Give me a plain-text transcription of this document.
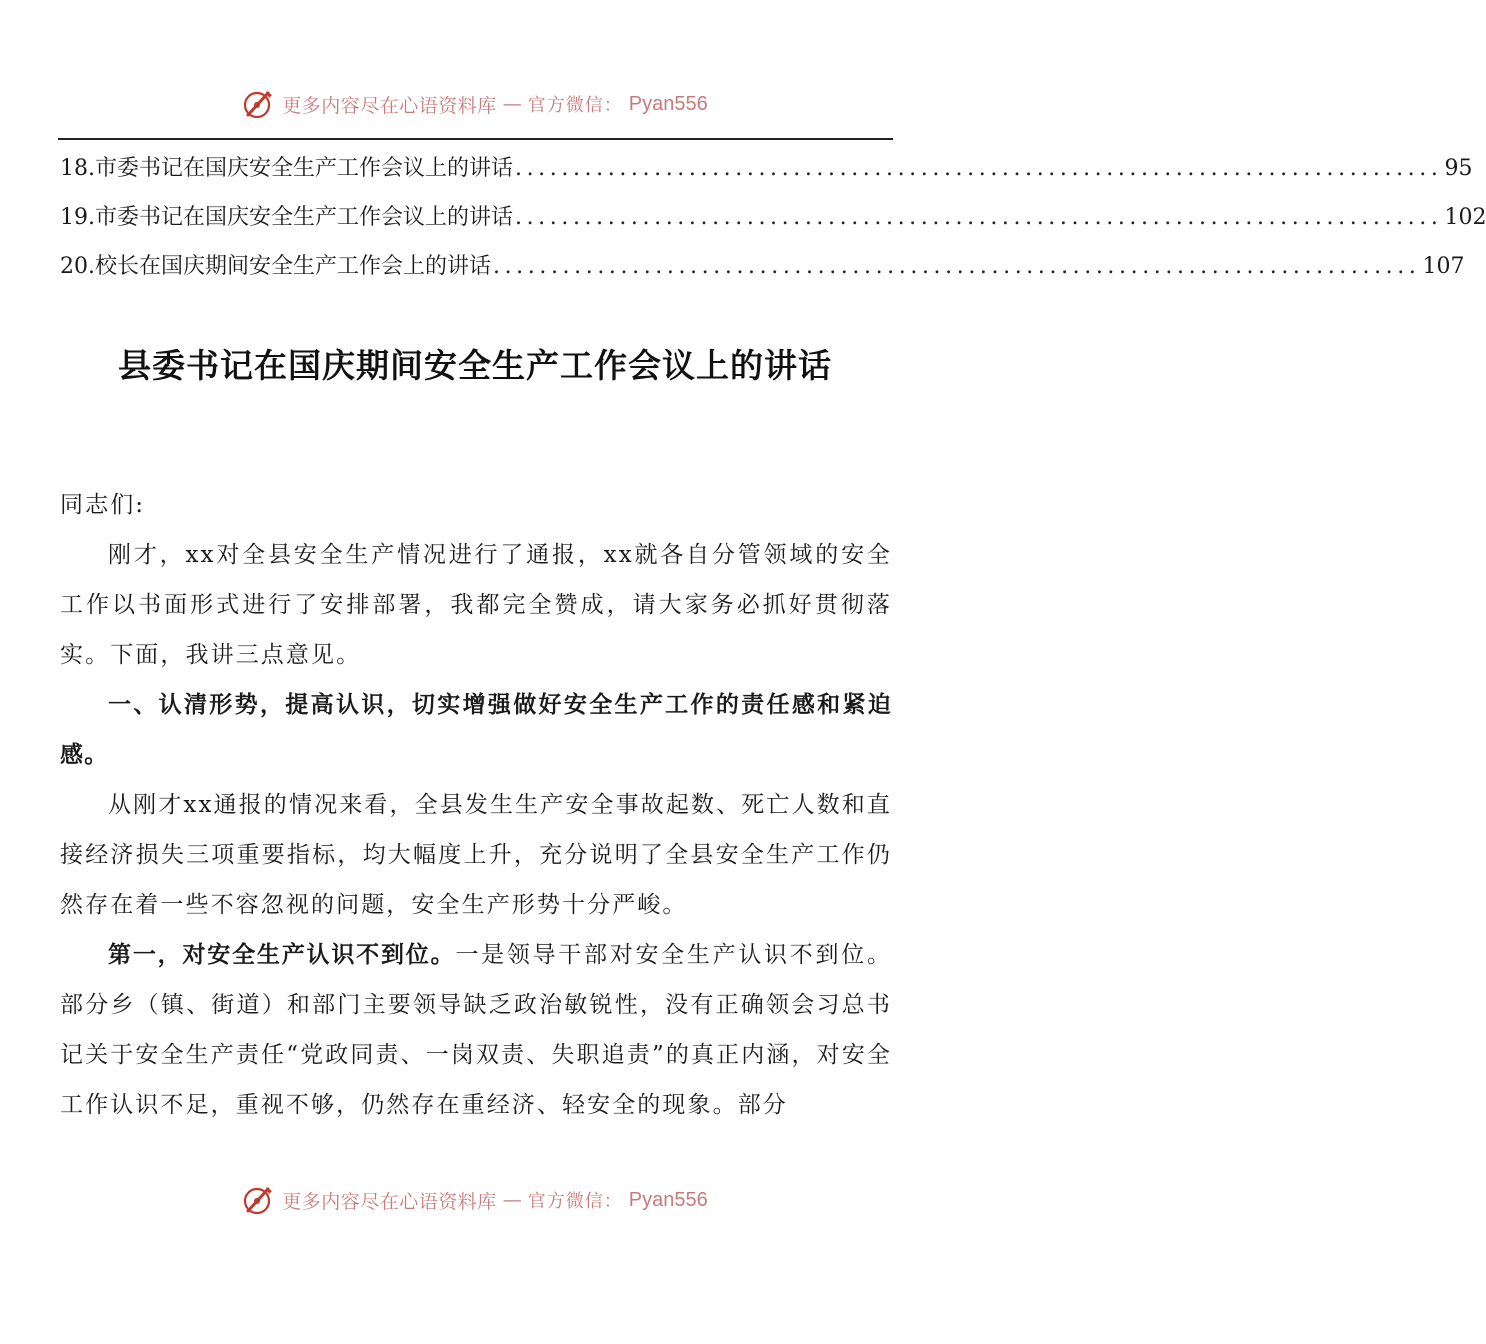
更多内容尽在心语资料库 — 官方微信： Pyan556
18.市委书记在国庆安全生产工作会议上的讲话 ................................................................................ 95
19.市委书记在国庆安全生产工作会议上的讲话 ................................................................................ 102
20.校长在国庆期间安全生产工作会上的讲话 ................................................................................ 107
县委书记在国庆期间安全生产工作会议上的讲话

同志们:

刚才，xx对全县安全生产情况进行了通报，xx就各自分管领域的安全工作以书面形式进行了安排部署，我都完全赞成，请大家务必抓好贯彻落实。下面，我讲三点意见。

一、认清形势，提高认识，切实增强做好安全生产工作的责任感和紧迫感。

从刚才xx通报的情况来看，全县发生生产安全事故起数、死亡人数和直接经济损失三项重要指标，均大幅度上升，充分说明了全县安全生产工作仍然存在着一些不容忽视的问题，安全生产形势十分严峻。

第一，对安全生产认识不到位。一是领导干部对安全生产认识不到位。部分乡（镇、街道）和部门主要领导缺乏政治敏锐性，没有正确领会习总书记关于安全生产责任“党政同责、一岗双责、失职追责”的真正内涵，对安全工作认识不足，重视不够，仍然存在重经济、轻安全的现象。部分

更多内容尽在心语资料库 — 官方微信： Pyan556
